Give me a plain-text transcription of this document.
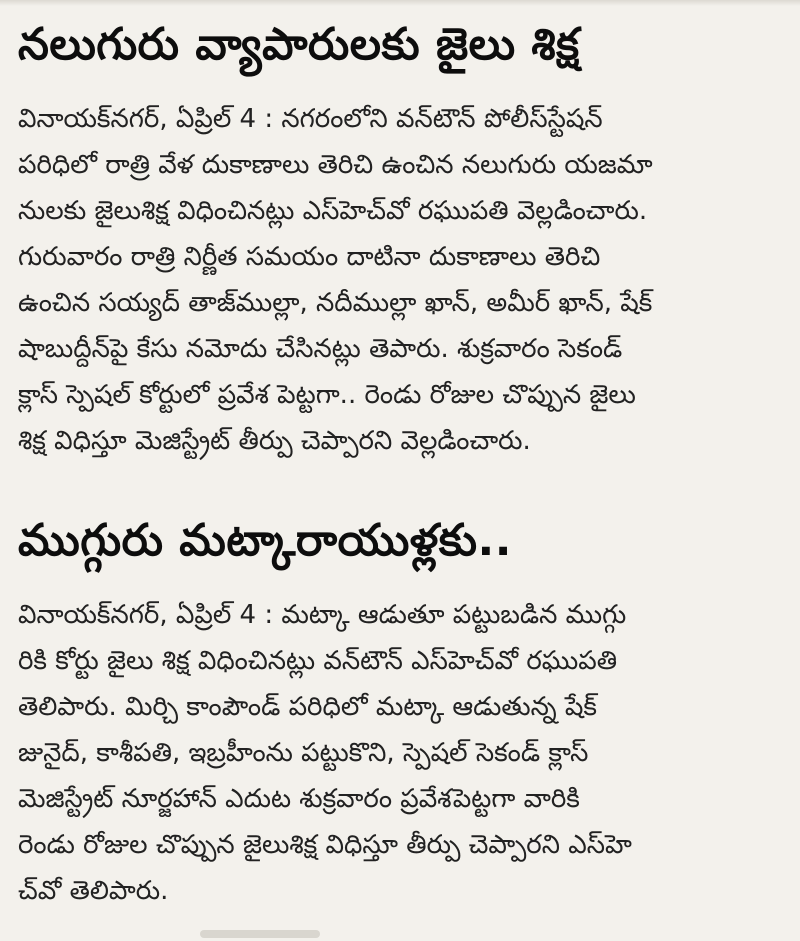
నలుగురు వ్యాపారులకు జైలు శిక్ష
వినాయక్‌నగర్, ఏప్రిల్ 4 : నగరంలోని వన్‌టౌన్ పోలీస్‌స్టేషన్
పరిధిలో రాత్రి వేళ దుకాణాలు తెరిచి ఉంచిన నలుగురు యజమా
నులకు జైలుశిక్ష విధించినట్లు ఎస్‌హెచ్‌వో రఘుపతి వెల్లడించారు.
గురువారం రాత్రి నిర్ణీత సమయం దాటినా దుకాణాలు తెరిచి
ఉంచిన సయ్యద్ తాజ్‌ముల్లా, నదీముల్లా ఖాన్, అమీర్ ఖాన్, షేక్
షాబుద్దీన్‌పై కేసు నమోదు చేసినట్లు తెపారు. శుక్రవారం సెకండ్
క్లాస్ స్పెషల్ కోర్టులో ప్రవేశ పెట్టగా.. రెండు రోజుల చొప్పున జైలు
శిక్ష విధిస్తూ మెజిస్ట్రేట్ తీర్పు చెప్పారని వెల్లడించారు.
ముగ్గురు మట్కారాయుళ్లకు..
వినాయక్‌నగర్, ఏప్రిల్ 4 : మట్కా ఆడుతూ పట్టుబడిన ముగ్గు
రికి కోర్టు జైలు శిక్ష విధించినట్లు వన్‌టౌన్ ఎస్‌హెచ్‌వో రఘుపతి
తెలిపారు. మిర్చి కాంపౌండ్ పరిధిలో మట్కా ఆడుతున్న షేక్
జునైద్, కాశీపతి, ఇబ్రహీంను పట్టుకొని, స్పెషల్ సెకండ్ క్లాస్
మెజిస్ట్రేట్ నూర్జహాన్ ఎదుట శుక్రవారం ప్రవేశపెట్టగా వారికి
రెండు రోజుల చొప్పున జైలుశిక్ష విధిస్తూ తీర్పు చెప్పారని ఎస్‌హె
చ్‌వో తెలిపారు.
